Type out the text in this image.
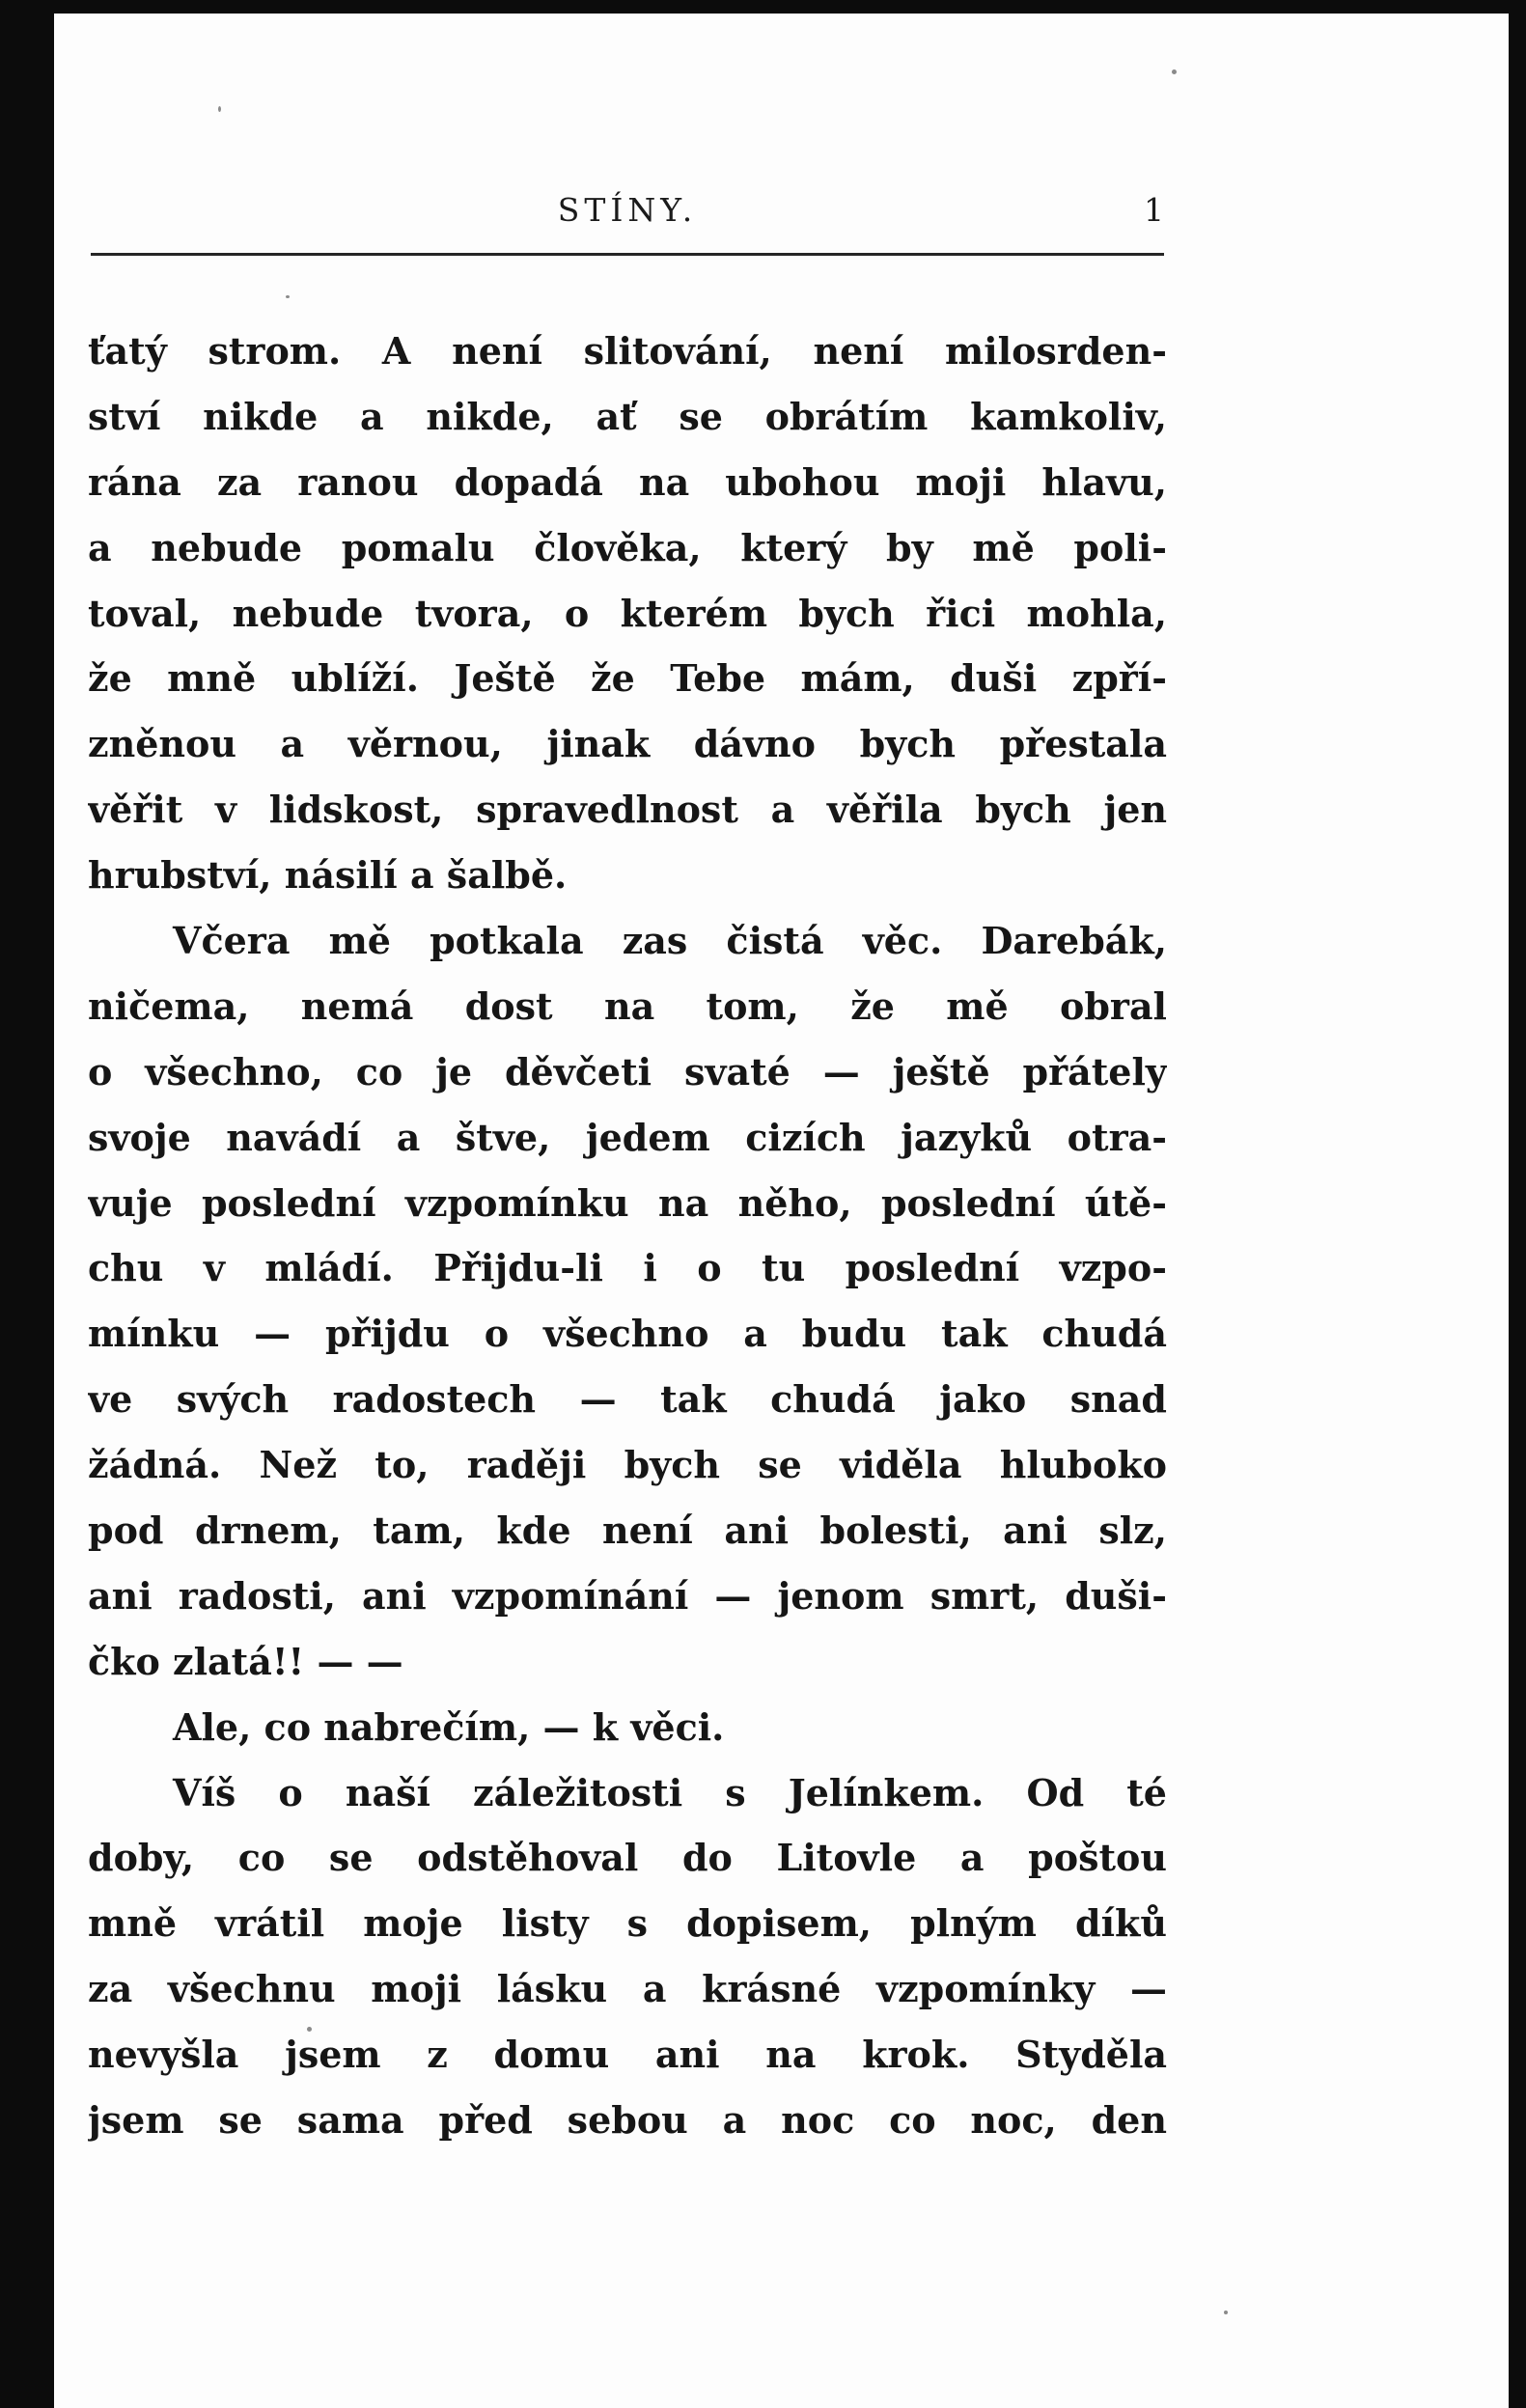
STÍNY.	1
ťatý strom. A není slitování, není milosrden-
ství nikde a nikde, ať se obrátím kamkoliv,
rána za ranou dopadá na ubohou moji hlavu,
a nebude pomalu člověka, který by mě poli-
toval, nebude tvora, o kterém bych řici mohla,
že mně ublíží. Ještě že Tebe mám, duši zpří-
zněnou a věrnou, jinak dávno bych přestala
věřit v lidskost, spravedlnost a věřila bych jen
hrubství, násilí a šalbě.
Včera mě potkala zas čistá věc. Darebák,
ničema, nemá dost na tom, že mě obral
o všechno, co je děvčeti svaté — ještě přátely
svoje navádí a štve, jedem cizích jazyků otra-
vuje poslední vzpomínku na něho, poslední útě-
chu v mládí. Přijdu-li i o tu poslední vzpo-
mínku — přijdu o všechno a budu tak chudá
ve svých radostech — tak chudá jako snad
žádná. Než to, raději bych se viděla hluboko
pod drnem, tam, kde není ani bolesti, ani slz,
ani radosti, ani vzpomínání — jenom smrt, duši-
čko zlatá!! — —
Ale, co nabrečím, — k věci.
Víš o naší záležitosti s Jelínkem. Od té
doby, co se odstěhoval do Litovle a poštou
mně vrátil moje listy s dopisem, plným díků
za všechnu moji lásku a krásné vzpomínky —
nevyšla jsem z domu ani na krok. Styděla
jsem se sama před sebou a noc co noc, den
